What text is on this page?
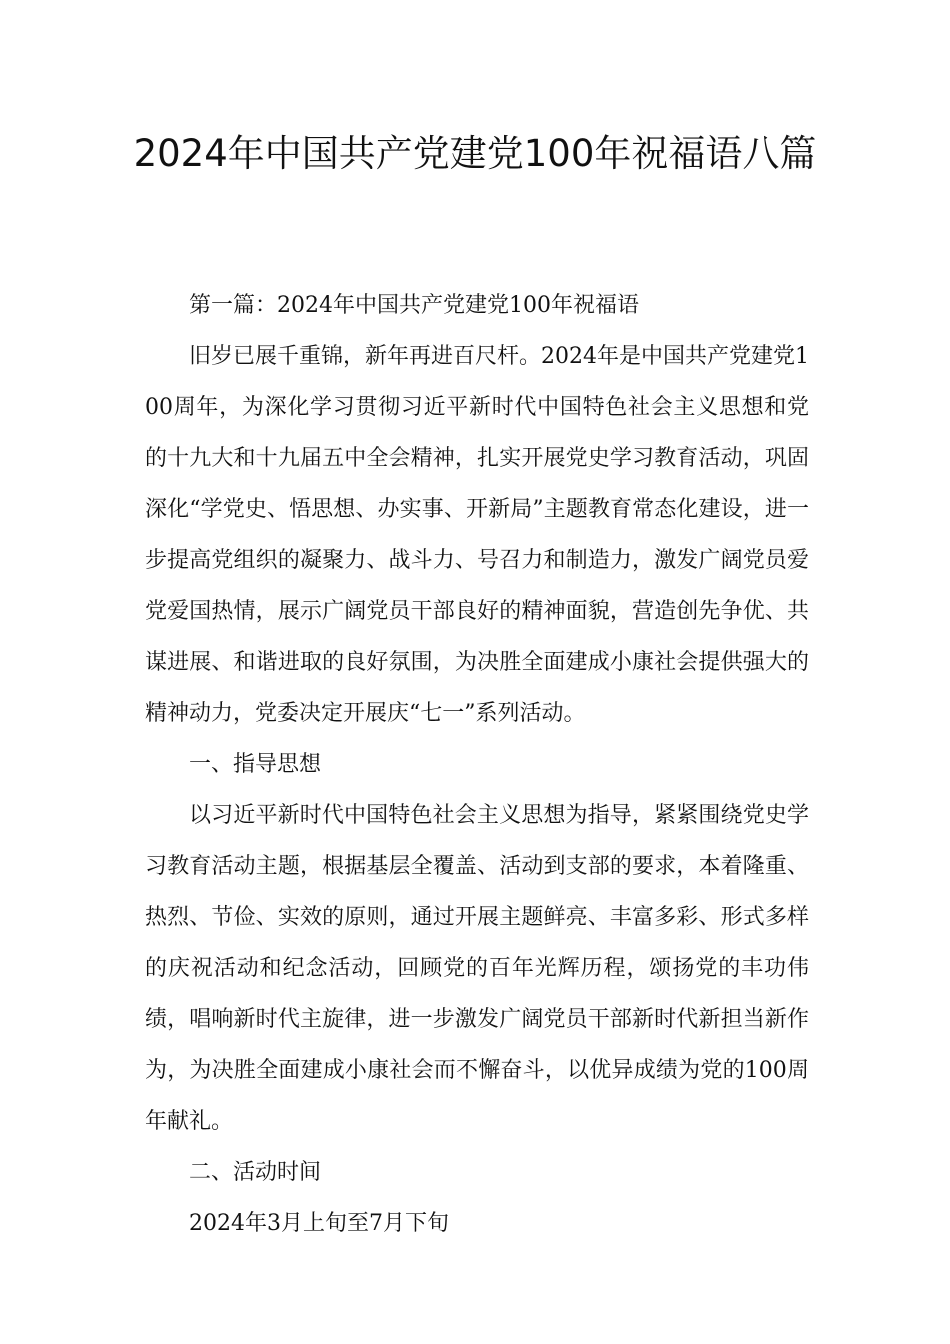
2024年中国共产党建党100年祝福语八篇

第一篇：2024年中国共产党建党100年祝福语

旧岁已展千重锦，新年再进百尺杆。2024年是中国共产党建党100周年，为深化学习贯彻习近平新时代中国特色社会主义思想和党的十九大和十九届五中全会精神，扎实开展党史学习教育活动，巩固深化“学党史、悟思想、办实事、开新局”主题教育常态化建设，进一步提高党组织的凝聚力、战斗力、号召力和制造力，激发广阔党员爱党爱国热情，展示广阔党员干部良好的精神面貌，营造创先争优、共谋进展、和谐进取的良好氛围，为决胜全面建成小康社会提供强大的精神动力，党委决定开展庆“七一”系列活动。

一、指导思想

以习近平新时代中国特色社会主义思想为指导，紧紧围绕党史学习教育活动主题，根据基层全覆盖、活动到支部的要求，本着隆重、热烈、节俭、实效的原则，通过开展主题鲜亮、丰富多彩、形式多样的庆祝活动和纪念活动，回顾党的百年光辉历程，颂扬党的丰功伟绩，唱响新时代主旋律，进一步激发广阔党员干部新时代新担当新作为，为决胜全面建成小康社会而不懈奋斗，以优异成绩为党的100周年献礼。

二、活动时间

2024年3月上旬至7月下旬
